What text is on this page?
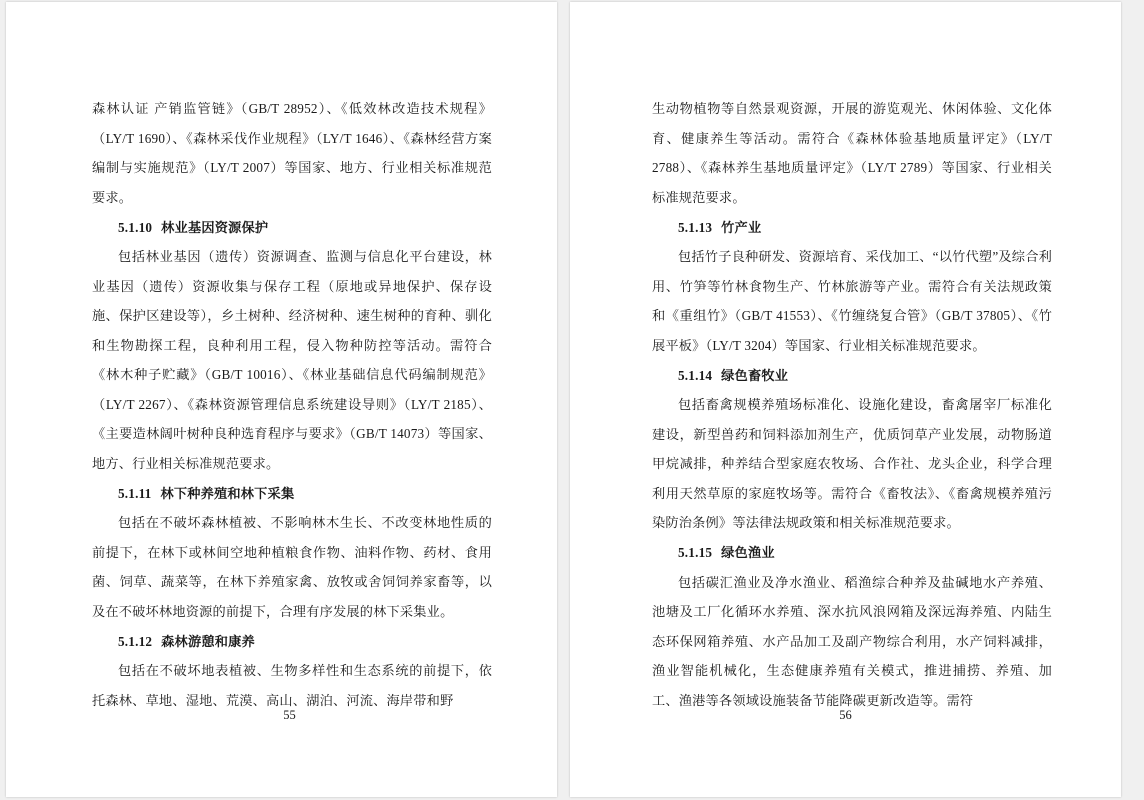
森林认证 产销监管链》（GB/T 28952）、《低效林改造技术规程》（LY/T 1690）、《森林采伐作业规程》（LY/T 1646）、《森林经营方案编制与实施规范》（LY/T 2007）等国家、地方、行业相关标准规范要求。

5.1.10 林业基因资源保护

包括林业基因（遗传）资源调查、监测与信息化平台建设，林业基因（遗传）资源收集与保存工程（原地或异地保护、保存设施、保护区建设等），乡土树种、经济树种、速生树种的育种、驯化和生物勘探工程，良种利用工程，侵入物种防控等活动。需符合《林木种子贮藏》（GB/T 10016）、《林业基础信息代码编制规范》（LY/T 2267）、《森林资源管理信息系统建设导则》（LY/T 2185）、《主要造林阔叶树种良种选育程序与要求》（GB/T 14073）等国家、地方、行业相关标准规范要求。

5.1.11 林下种养殖和林下采集

包括在不破坏森林植被、不影响林木生长、不改变林地性质的前提下，在林下或林间空地种植粮食作物、油料作物、药材、食用菌、饲草、蔬菜等，在林下养殖家禽、放牧或舍饲饲养家畜等，以及在不破坏林地资源的前提下，合理有序发展的林下采集业。

5.1.12 森林游憩和康养

包括在不破坏地表植被、生物多样性和生态系统的前提下，依托森林、草地、湿地、荒漠、高山、湖泊、河流、海岸带和野

55

生动物植物等自然景观资源，开展的游览观光、休闲体验、文化体育、健康养生等活动。需符合《森林体验基地质量评定》（LY/T 2788）、《森林养生基地质量评定》（LY/T 2789）等国家、行业相关标准规范要求。

5.1.13 竹产业

包括竹子良种研发、资源培育、采伐加工、“以竹代塑”及综合利用、竹笋等竹林食物生产、竹林旅游等产业。需符合有关法规政策和《重组竹》（GB/T 41553）、《竹缠绕复合管》（GB/T 37805）、《竹展平板》（LY/T 3204）等国家、行业相关标准规范要求。

5.1.14 绿色畜牧业

包括畜禽规模养殖场标准化、设施化建设，畜禽屠宰厂标准化建设，新型兽药和饲料添加剂生产，优质饲草产业发展，动物肠道甲烷减排，种养结合型家庭农牧场、合作社、龙头企业，科学合理利用天然草原的家庭牧场等。需符合《畜牧法》、《畜禽规模养殖污染防治条例》等法律法规政策和相关标准规范要求。

5.1.15 绿色渔业

包括碳汇渔业及净水渔业、稻渔综合种养及盐碱地水产养殖、池塘及工厂化循环水养殖、深水抗风浪网箱及深远海养殖、内陆生态环保网箱养殖、水产品加工及副产物综合利用，水产饲料减排，渔业智能机械化，生态健康养殖有关模式，推进捕捞、养殖、加工、渔港等各领域设施装备节能降碳更新改造等。需符

56
